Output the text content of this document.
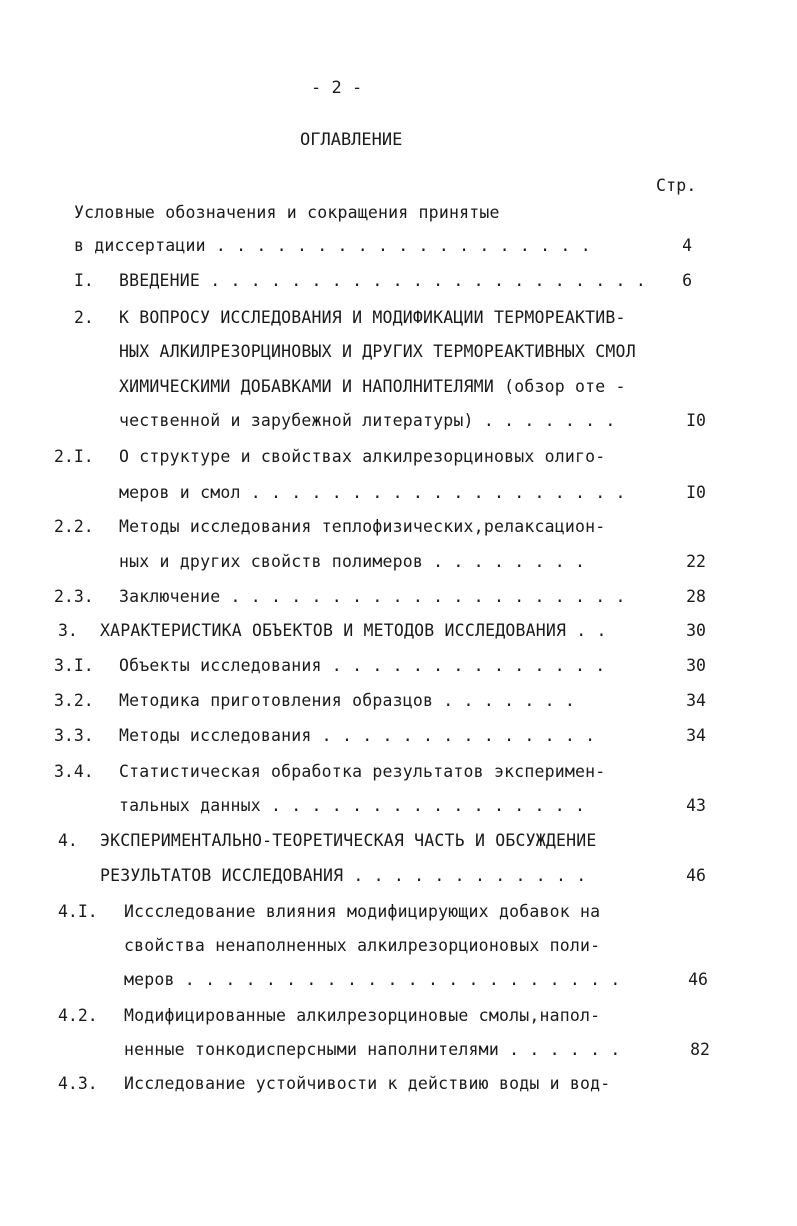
- 2 -
ОГЛАВЛЕНИЕ
Стр.
Условные обозначения и сокращения принятые
в диссертации . . . . . . . . . . . . . . . . . . .	4
I. ВВЕДЕНИЕ . . . . . . . . . . . . . . . . . . . . . .	6
2. К ВОПРОСУ ИССЛЕДОВАНИЯ И МОДИФИКАЦИИ ТЕРМОРЕАКТИВ-
НЫХ АЛКИЛРЕЗОРЦИНОВЫХ И ДРУГИХ ТЕРМОРЕАКТИВНЫХ СМОЛ
ХИМИЧЕСКИМИ ДОБАВКАМИ И НАПОЛНИТЕЛЯМИ (обзор оте -
чественной и зарубежной литературы) . . . . . . .	I0
2.I. О структуре и свойствах алкилрезорциновых олиго-
меров и смол . . . . . . . . . . . . . . . . . . .	I0
2.2. Методы исследования теплофизических,релаксацион-
ных и других свойств полимеров . . . . . . . .	22
2.3. Заключение . . . . . . . . . . . . . . . . . . . .	28
3. ХАРАКТЕРИСТИКА ОБЪЕКТОВ И МЕТОДОВ ИССЛЕДОВАНИЯ . .	30
3.I. Объекты исследования . . . . . . . . . . . . . .	30
3.2. Методика приготовления образцов . . . . . . .	34
3.3. Методы исследования . . . . . . . . . . . . . .	34
3.4. Статистическая обработка результатов эксперимен-
тальных данных . . . . . . . . . . . . . . . .	43
4. ЭКСПЕРИМЕНТАЛЬНО-ТЕОРЕТИЧЕСКАЯ ЧАСТЬ И ОБСУЖДЕНИЕ
РЕЗУЛЬТАТОВ ИССЛЕДОВАНИЯ . . . . . . . . . . . .	46
4.I. Иссследование влияния модифицирующих добавок на
свойства ненаполненных алкилрезорционовых поли-
меров . . . . . . . . . . . . . . . . . . . . . .	46
4.2. Модифицированные алкилрезорциновые смолы,напол-
ненные тонкодисперсными наполнителями . . . . . .	82
4.3. Исследование устойчивости к действию воды и вод-
